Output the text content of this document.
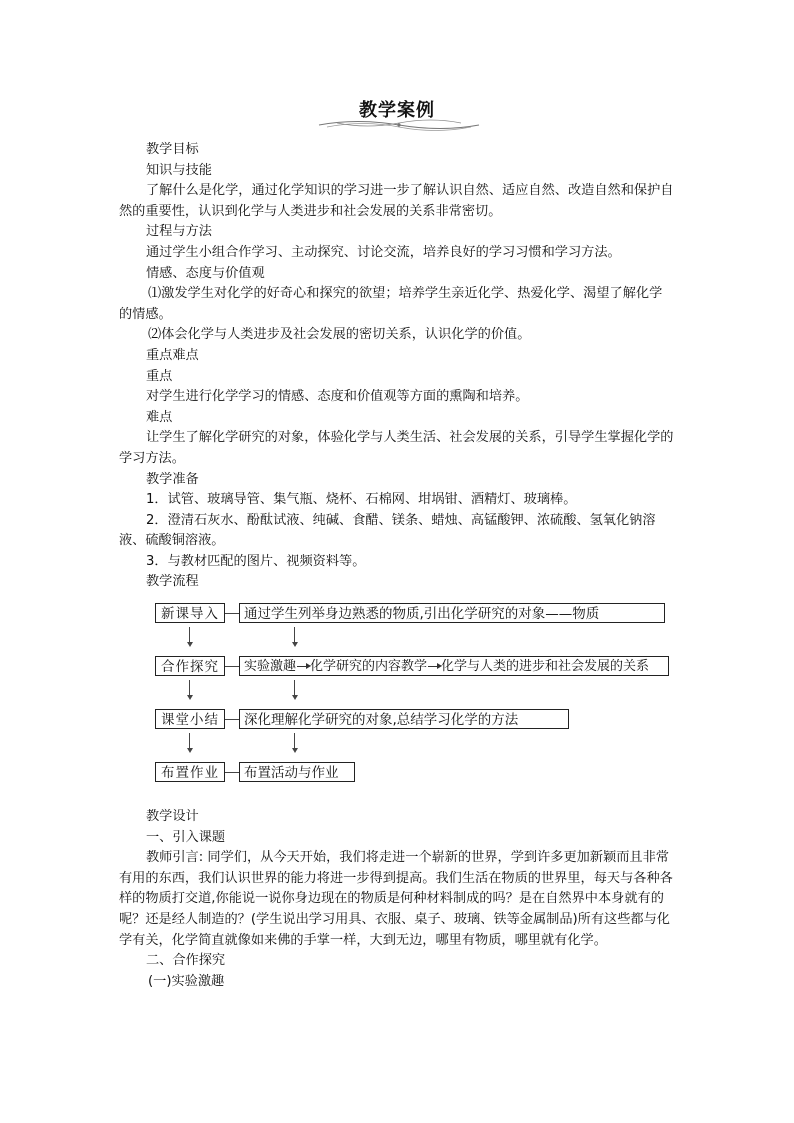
教学案例

教学目标

知识与技能

了解什么是化学，通过化学知识的学习进一步了解认识自然、适应自然、改造自然和保护自然的重要性，认识到化学与人类进步和社会发展的关系非常密切。

过程与方法

通过学生小组合作学习、主动探究、讨论交流，培养良好的学习习惯和学习方法。

情感、态度与价值观

⑴激发学生对化学的好奇心和探究的欲望；培养学生亲近化学、热爱化学、渴望了解化学的情感。

⑵体会化学与人类进步及社会发展的密切关系，认识化学的价值。

重点难点

重点

对学生进行化学学习的情感、态度和价值观等方面的熏陶和培养。

难点

让学生了解化学研究的对象，体验化学与人类生活、社会发展的关系，引导学生掌握化学的学习方法。

教学准备

1．试管、玻璃导管、集气瓶、烧杯、石棉网、坩埚钳、酒精灯、玻璃棒。

2．澄清石灰水、酚酞试液、纯碱、食醋、镁条、蜡烛、高锰酸钾、浓硫酸、氢氧化钠溶液、硫酸铜溶液。

3．与教材匹配的图片、视频资料等。

教学流程

新课导入	通过学生列举身边熟悉的物质,引出化学研究的对象——物质
合作探究	实验激趣 化学研究的内容教学 化学与人类的进步和社会发展的关系
课堂小结	深化理解化学研究的对象,总结学习化学的方法
布置作业	布置活动与作业

教学设计

一、引入课题

教师引言: 同学们，从今天开始，我们将走进一个崭新的世界，学到许多更加新颖而且非常有用的东西，我们认识世界的能力将进一步得到提高。我们生活在物质的世界里，每天与各种各样的物质打交道,你能说一说你身边现在的物质是何种材料制成的吗？是在自然界中本身就有的呢？还是经人制造的？(学生说出学习用具、衣服、桌子、玻璃、铁等金属制品)所有这些都与化学有关，化学简直就像如来佛的手掌一样，大到无边，哪里有物质，哪里就有化学。

二、合作探究

(一)实验激趣
